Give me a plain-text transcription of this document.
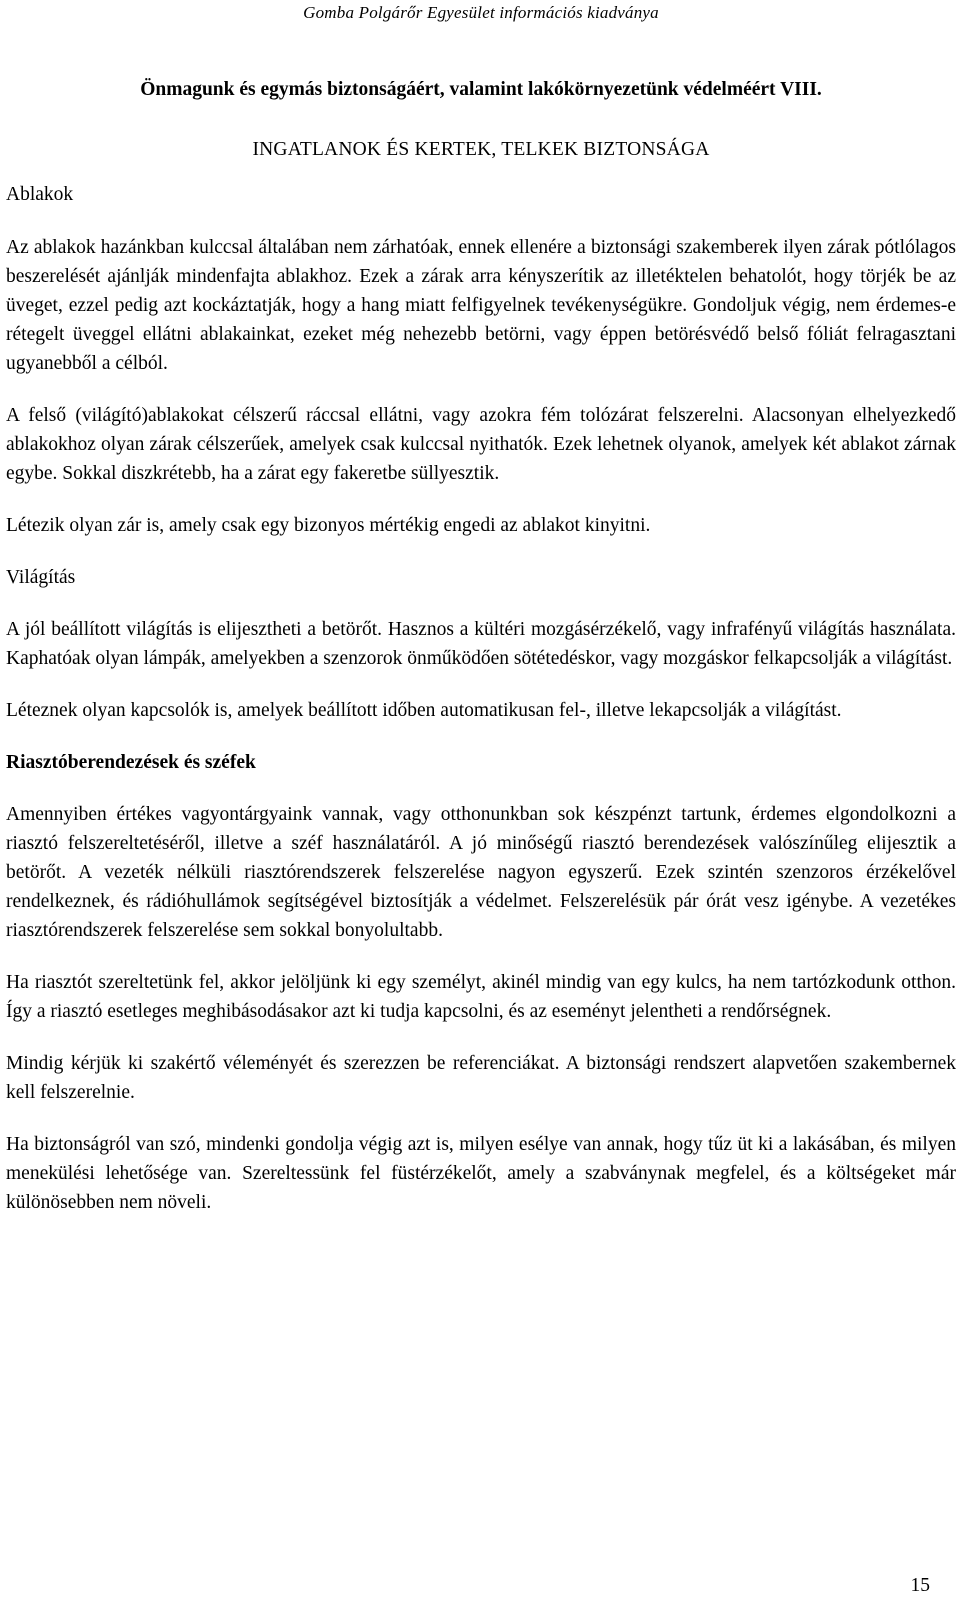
Gomba Polgárőr Egyesület információs kiadványa
Önmagunk és egymás biztonságáért, valamint lakókörnyezetünk védelméért VIII.
INGATLANOK ÉS KERTEK, TELKEK BIZTONSÁGA
Ablakok

Az ablakok hazánkban kulccsal általában nem zárhatóak, ennek ellenére a biztonsági szakemberek ilyen zárak pótlólagos beszerelését ajánlják mindenfajta ablakhoz. Ezek a zárak arra kényszerítik az illetéktelen behatolót, hogy törjék be az üveget, ezzel pedig azt kockáztatják, hogy a hang miatt felfigyelnek tevékenységükre. Gondoljuk végig, nem érdemes-e rétegelt üveggel ellátni ablakainkat, ezeket még nehezebb betörni, vagy éppen betörésvédő belső fóliát felragasztani ugyanebből a célból.

A felső (világító)ablakokat célszerű ráccsal ellátni, vagy azokra fém tolózárat felszerelni. Alacsonyan elhelyezkedő ablakokhoz olyan zárak célszerűek, amelyek csak kulccsal nyithatók. Ezek lehetnek olyanok, amelyek két ablakot zárnak egybe. Sokkal diszkrétebb, ha a zárat egy fakeretbe süllyesztik.

Létezik olyan zár is, amely csak egy bizonyos mértékig engedi az ablakot kinyitni.

Világítás

A jól beállított világítás is elijesztheti a betörőt. Hasznos a kültéri mozgásérzékelő, vagy infrafényű világítás használata. Kaphatóak olyan lámpák, amelyekben a szenzorok önműködően sötétedéskor, vagy mozgáskor felkapcsolják a világítást.

Léteznek olyan kapcsolók is, amelyek beállított időben automatikusan fel-, illetve lekapcsolják a világítást.

Riasztóberendezések és széfek

Amennyiben értékes vagyontárgyaink vannak, vagy otthonunkban sok készpénzt tartunk, érdemes elgondolkozni a riasztó felszereltetéséről, illetve a széf használatáról. A jó minőségű riasztó berendezések valószínűleg elijesztik a betörőt. A vezeték nélküli riasztórendszerek felszerelése nagyon egyszerű. Ezek szintén szenzoros érzékelővel rendelkeznek, és rádióhullámok segítségével biztosítják a védelmet. Felszerelésük pár órát vesz igénybe. A vezetékes riasztórendszerek felszerelése sem sokkal bonyolultabb.

Ha riasztót szereltetünk fel, akkor jelöljünk ki egy személyt, akinél mindig van egy kulcs, ha nem tartózkodunk otthon. Így a riasztó esetleges meghibásodásakor azt ki tudja kapcsolni, és az eseményt jelentheti a rendőrségnek.

Mindig kérjük ki szakértő véleményét és szerezzen be referenciákat. A biztonsági rendszert alapvetően szakembernek kell felszerelnie.

Ha biztonságról van szó, mindenki gondolja végig azt is, milyen esélye van annak, hogy tűz üt ki a lakásában, és milyen menekülési lehetősége van. Szereltessünk fel füstérzékelőt, amely a szabványnak megfelel, és a költségeket már különösebben nem növeli.

15
